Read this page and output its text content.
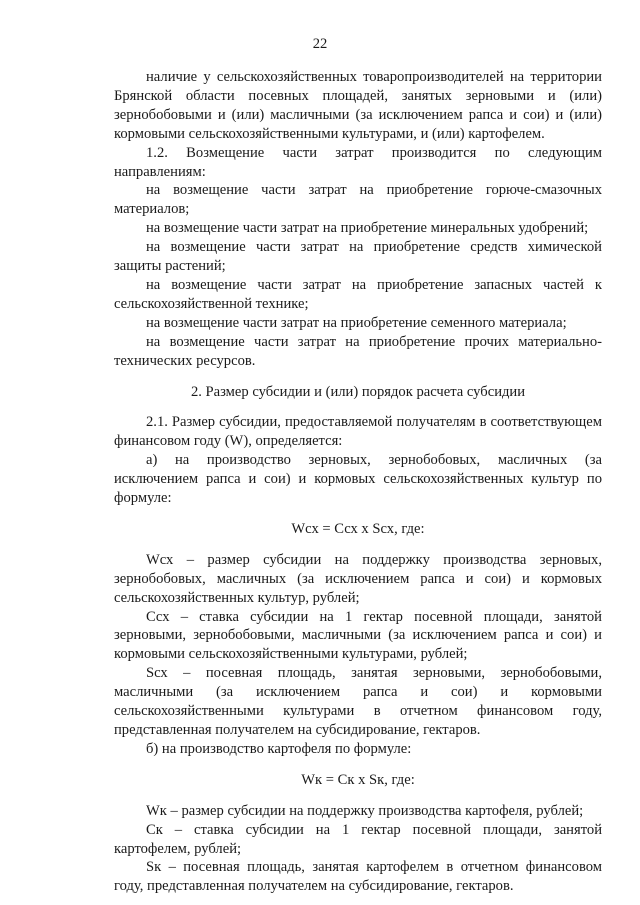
22

наличие у сельскохозяйственных товаропроизводителей на территории Брянской области посевных площадей, занятых зерновыми и (или) зернобобовыми и (или) масличными (за исключением рапса и сои) и (или) кормовыми сельскохозяйственными культурами, и (или) картофелем.

1.2. Возмещение части затрат производится по следующим направлениям:

на возмещение части затрат на приобретение горюче-смазочных материалов;

на возмещение части затрат на приобретение минеральных удобрений;

на возмещение части затрат на приобретение средств химической защиты растений;

на возмещение части затрат на приобретение запасных частей к сельскохозяйственной технике;

на возмещение части затрат на приобретение семенного материала;

на возмещение части затрат на приобретение прочих материально-технических ресурсов.

2. Размер субсидии и (или) порядок расчета субсидии

2.1. Размер субсидии, предоставляемой получателям в соответствующем финансовом году (W), определяется:

а) на производство зерновых, зернобобовых, масличных (за исключением рапса и сои) и кормовых сельскохозяйственных культур по формуле:

Wсх = Ссх х Sсх, где:

Wсх – размер субсидии на поддержку производства зерновых, зернобобовых, масличных (за исключением рапса и сои) и кормовых сельскохозяйственных культур, рублей;

Ссх – ставка субсидии на 1 гектар посевной площади, занятой зерновыми, зернобобовыми, масличными (за исключением рапса и сои) и кормовыми сельскохозяйственными культурами, рублей;

Sсх – посевная площадь, занятая зерновыми, зернобобовыми, масличными (за исключением рапса и сои) и кормовыми сельскохозяйственными культурами в отчетном финансовом году, представленная получателем на субсидирование, гектаров.

б) на производство картофеля по формуле:

Wк = Ск х Sк, где:

Wк – размер субсидии на поддержку производства картофеля, рублей;

Ск – ставка субсидии на 1 гектар посевной площади, занятой картофелем, рублей;

Sк – посевная площадь, занятая картофелем в отчетном финансовом году, представленная получателем на субсидирование, гектаров.
